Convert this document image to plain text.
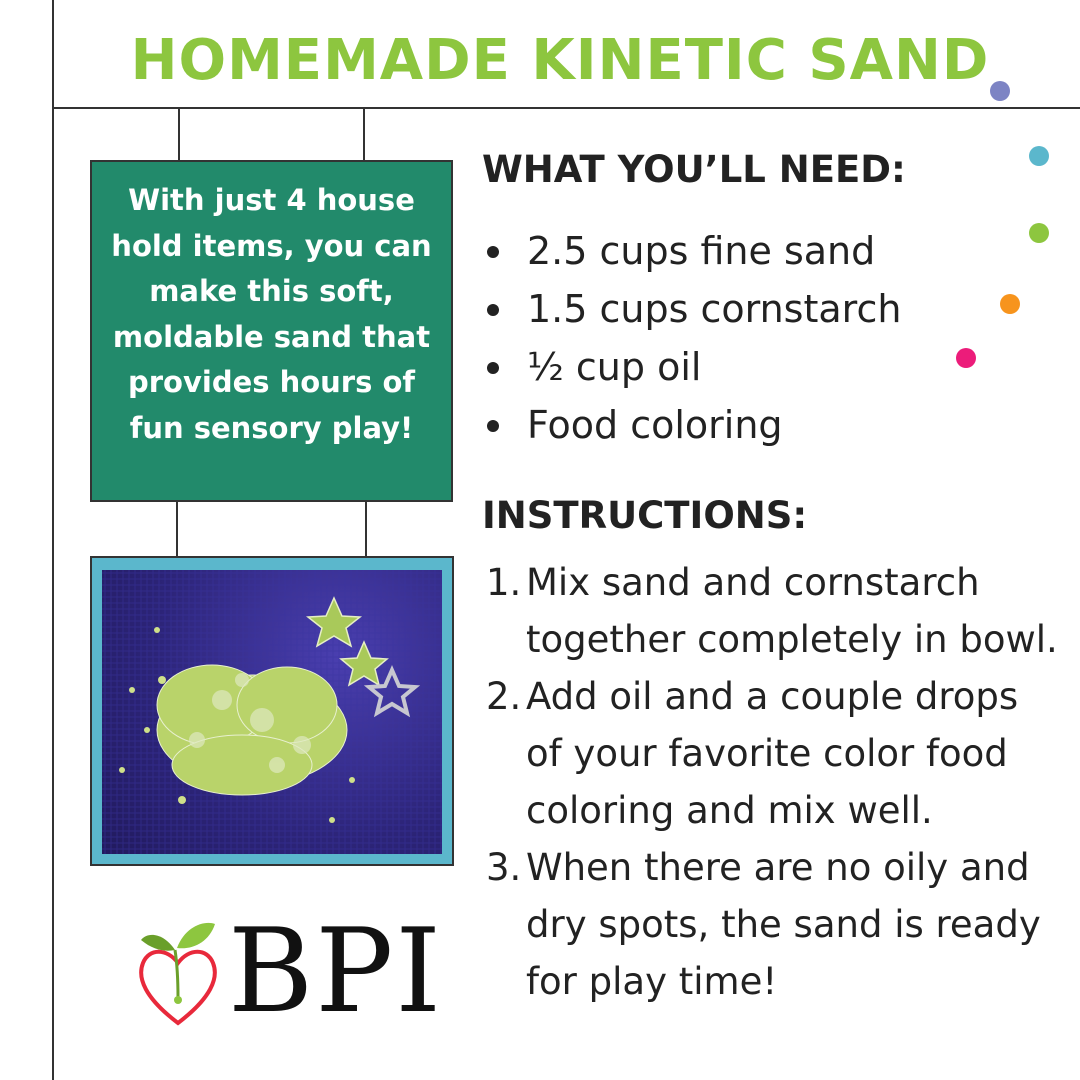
HOMEMADE KINETIC SAND
With just 4 house hold items, you can make this soft, moldable sand that provides hours of fun sensory play!
BPI
WHAT YOU’LL NEED:
2.5 cups fine sand
1.5 cups cornstarch
½ cup oil
Food coloring
INSTRUCTIONS:
1. Mix sand and cornstarch together completely in bowl.
2. Add oil and a couple drops of your favorite color food coloring and mix well.
3. When there are no oily and dry spots, the sand is ready for play time!
